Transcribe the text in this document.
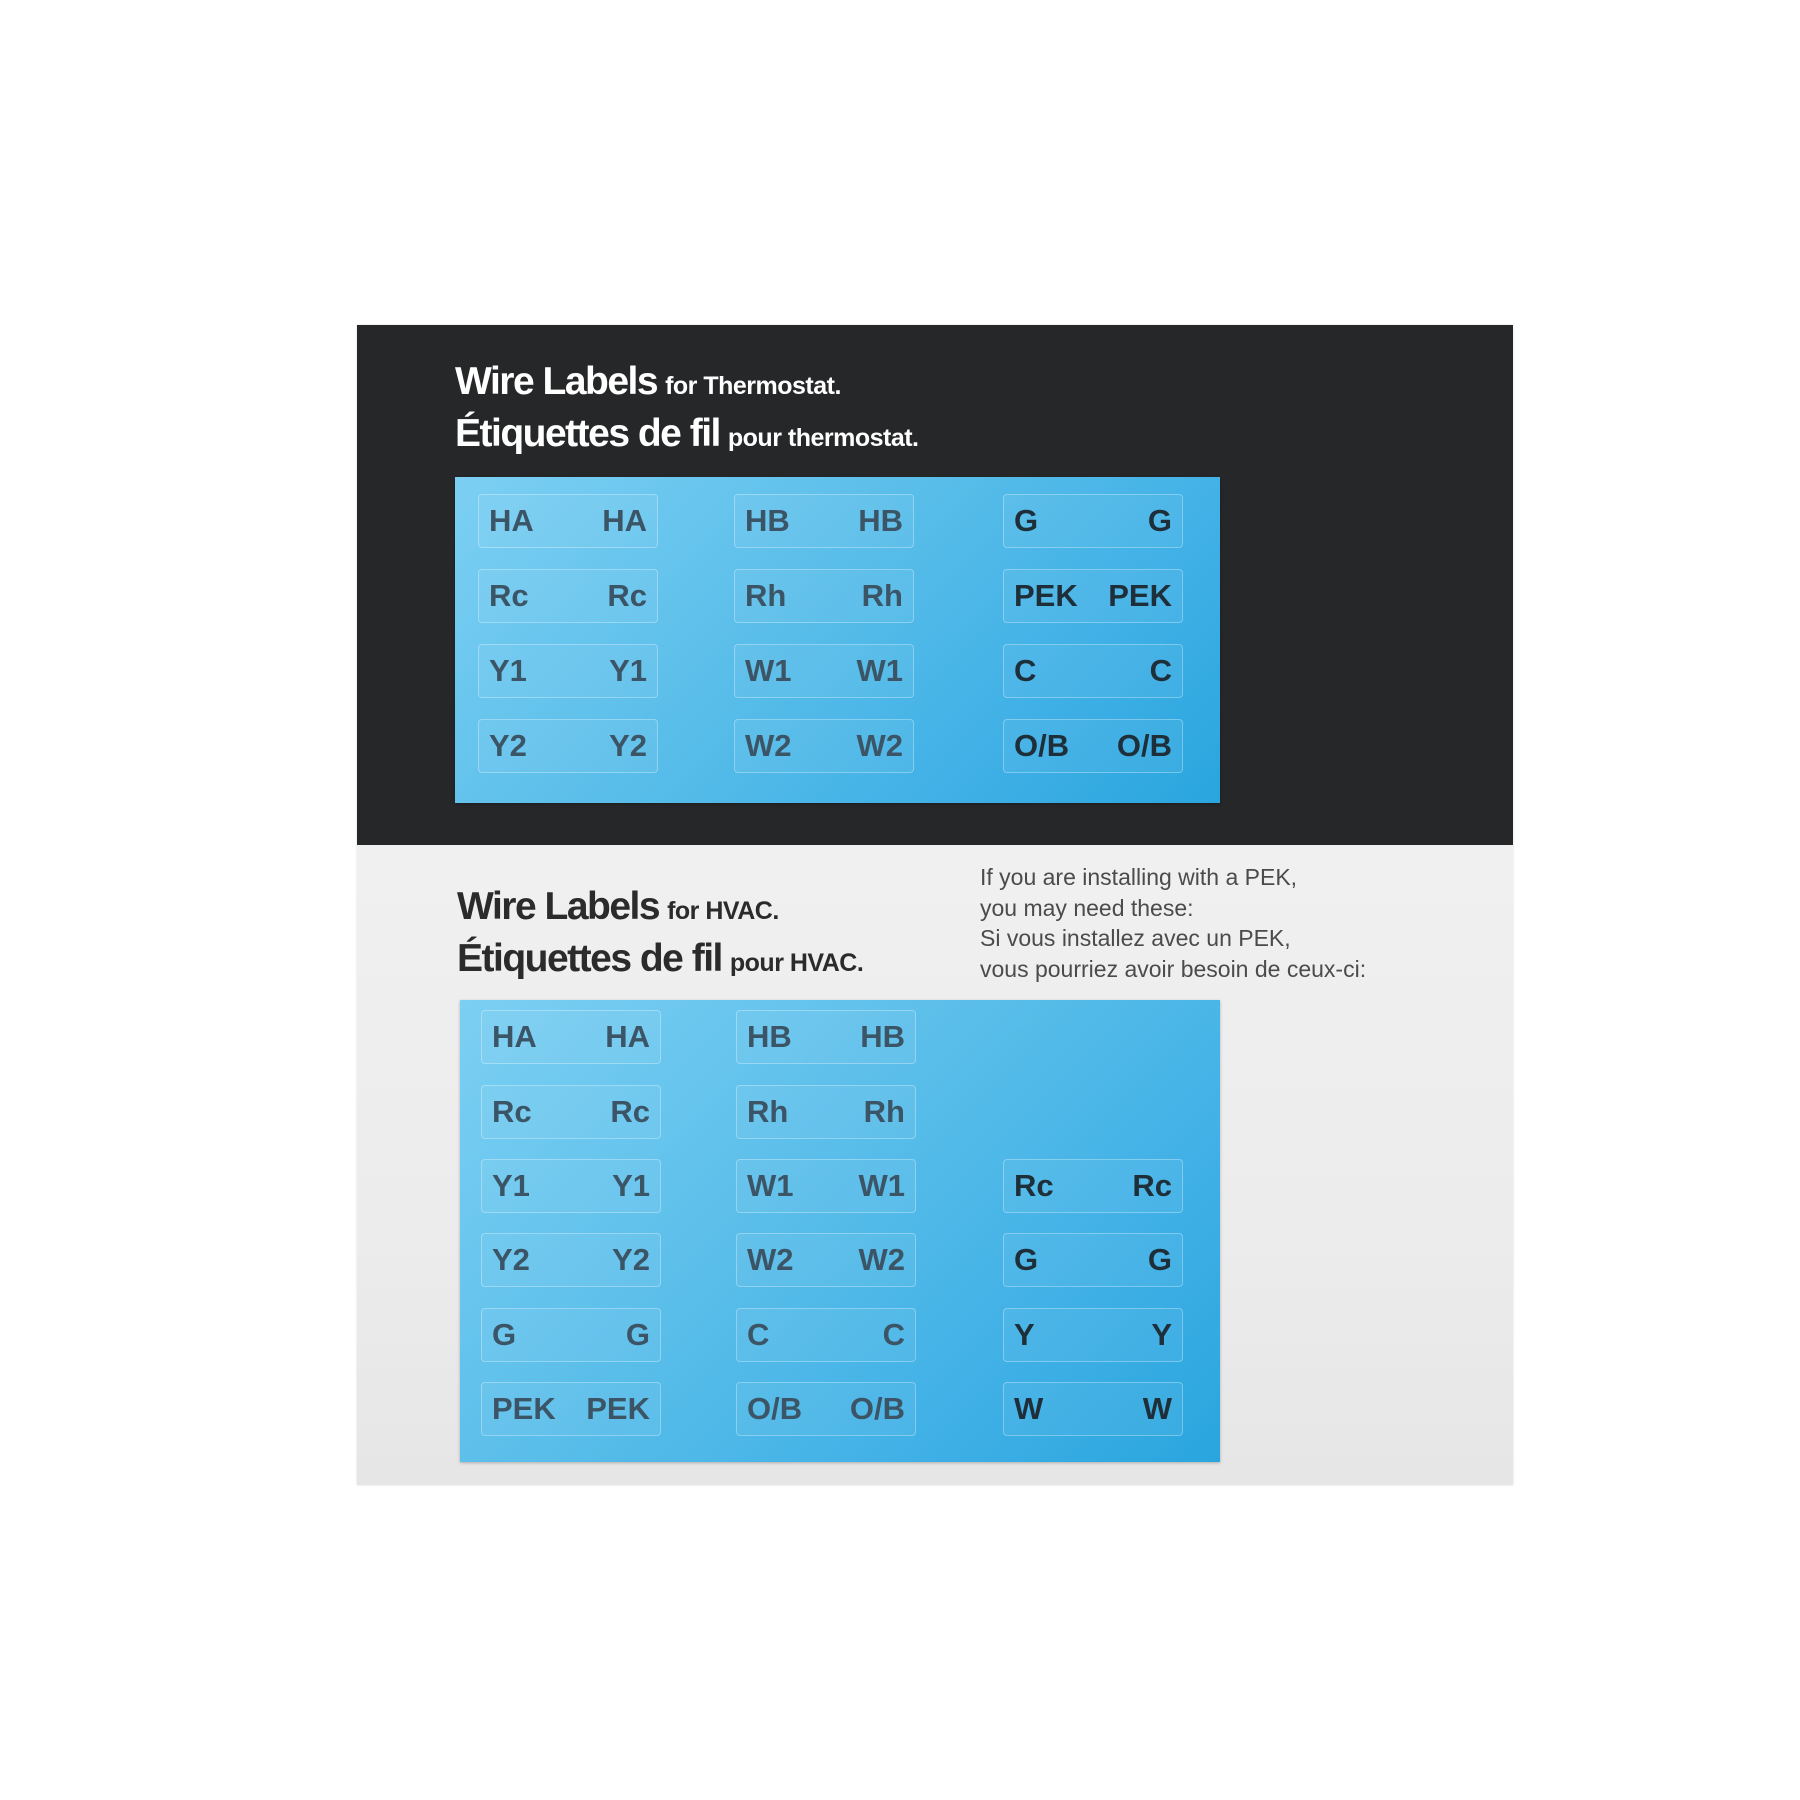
Wire Labels for Thermostat.
Étiquettes de fil pour thermostat.
Wire Labels for HVAC.
Étiquettes de fil pour HVAC.

If you are installing with a PEK,
you may need these:
Si vous installez avec un PEK,
vous pourriez avoir besoin de ceux-ci:

HA HA
Rc	Rc
Y1	Y1
Y2	Y2
HB HB
Rh Rh
W1 W1
W2 W2
G	G
PEK PEK
C	C
O/B O/B
HA HA
Rc	Rc
Y1	Y1
Y2	Y2
G	G
PEK PEK
HB HB
Rh Rh
W1 W1
W2 W2
C	C
O/B O/B
Rc	Rc
G	G
Y	Y
W	W
